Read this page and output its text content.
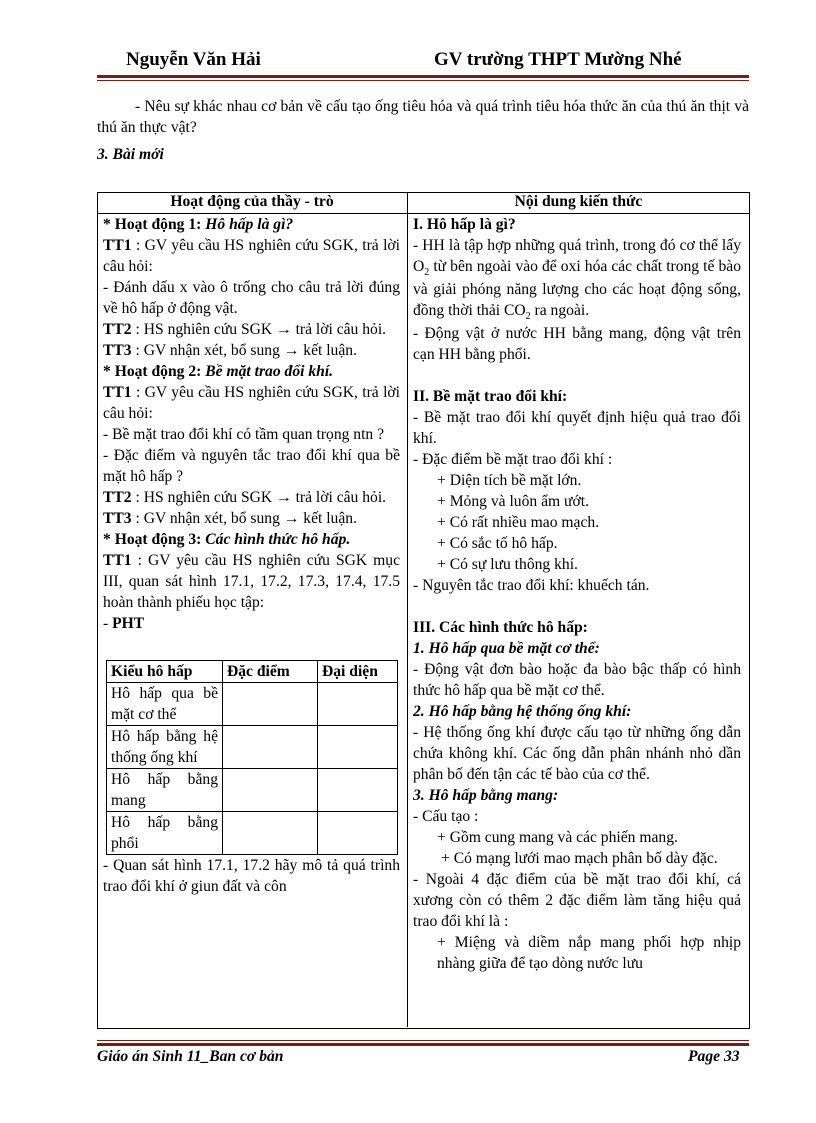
Nguyễn Văn Hải	GV trường THPT Mường Nhé

- Nêu sự khác nhau cơ bản về cấu tạo ống tiêu hóa và quá trình tiêu hóa thức ăn của thú ăn thịt và thú ăn thực vật?

3. Bài mới
Hoạt động của thầy - trò	Nội dung kiến thức

* Hoạt động 1: Hô hấp là gì?

TT1 : GV yêu cầu HS nghiên cứu SGK, trả lời câu hỏi:

- Đánh dấu x vào ô trống cho câu trả lời đúng về hô hấp ở động vật.

TT2 : HS nghiên cứu SGK → trả lời câu hỏi.

TT3 : GV nhận xét, bổ sung → kết luận.

* Hoạt động 2: Bề mặt trao đổi khí.

TT1 : GV yêu cầu HS nghiên cứu SGK, trả lời câu hỏi:

- Bề mặt trao đổi khí có tầm quan trọng ntn ?

- Đặc điểm và nguyên tắc trao đổi khí qua bề mặt hô hấp ?

TT2 : HS nghiên cứu SGK → trả lời câu hỏi.

TT3 : GV nhận xét, bổ sung → kết luận.

* Hoạt động 3: Các hình thức hô hấp.

TT1 : GV yêu cầu HS nghiên cứu SGK mục III, quan sát hình 17.1, 17.2, 17.3, 17.4, 17.5 hoàn thành phiếu học tập:

- PHT

Kiểu hô hấp	Đặc điểm	Đại diện
Hô hấp qua bề mặt cơ thể		
Hô hấp bằng hệ thống ống khí		
Hô hấp bằng mang		
Hô hấp bằng phổi		

- Quan sát hình 17.1, 17.2 hãy mô tả quá trình trao đổi khí ở giun đất và côn

I. Hô hấp là gì?

- HH là tập hợp những quá trình, trong đó cơ thể lấy $O_2$ từ bên ngoài vào để oxi hóa các chất trong tế bào và giải phóng năng lượng cho các hoạt động sống, đồng thời thải $CO_2$ ra ngoài.

- Động vật ở nước HH bằng mang, động vật trên cạn HH bằng phổi.

II. Bề mặt trao đổi khí:

- Bề mặt trao đổi khí quyết định hiệu quả trao đổi khí.

- Đặc điểm bề mặt trao đổi khí :

+ Diện tích bề mặt lớn.

+ Mỏng và luôn ẩm ướt.

+ Có rất nhiều mao mạch.

+ Có sắc tố hô hấp.

+ Có sự lưu thông khí.

- Nguyên tắc trao đổi khí: khuếch tán.

III. Các hình thức hô hấp:

1. Hô hấp qua bề mặt cơ thể:

- Động vật đơn bào hoặc đa bào bậc thấp có hình thức hô hấp qua bề mặt cơ thể.

2. Hô hấp bằng hệ thống ống khí:

- Hệ thống ống khí được cấu tạo từ những ống dẫn chứa không khí. Các ống dẫn phân nhánh nhỏ dần phân bố đến tận các tế bào của cơ thể.

3. Hô hấp bằng mang:

- Cấu tạo :

+ Gồm cung mang và các phiến mang.

+ Có mạng lưới mao mạch phân bố dày đặc.

- Ngoài 4 đặc điểm của bề mặt trao đổi khí, cá xương còn có thêm 2 đặc điểm làm tăng hiệu quả trao đổi khí là :

+ Miệng và diềm nắp mang phối hợp nhịp nhàng giữa để tạo dòng nước lưu

Giáo án Sinh 11_Ban cơ bản	Page 33
